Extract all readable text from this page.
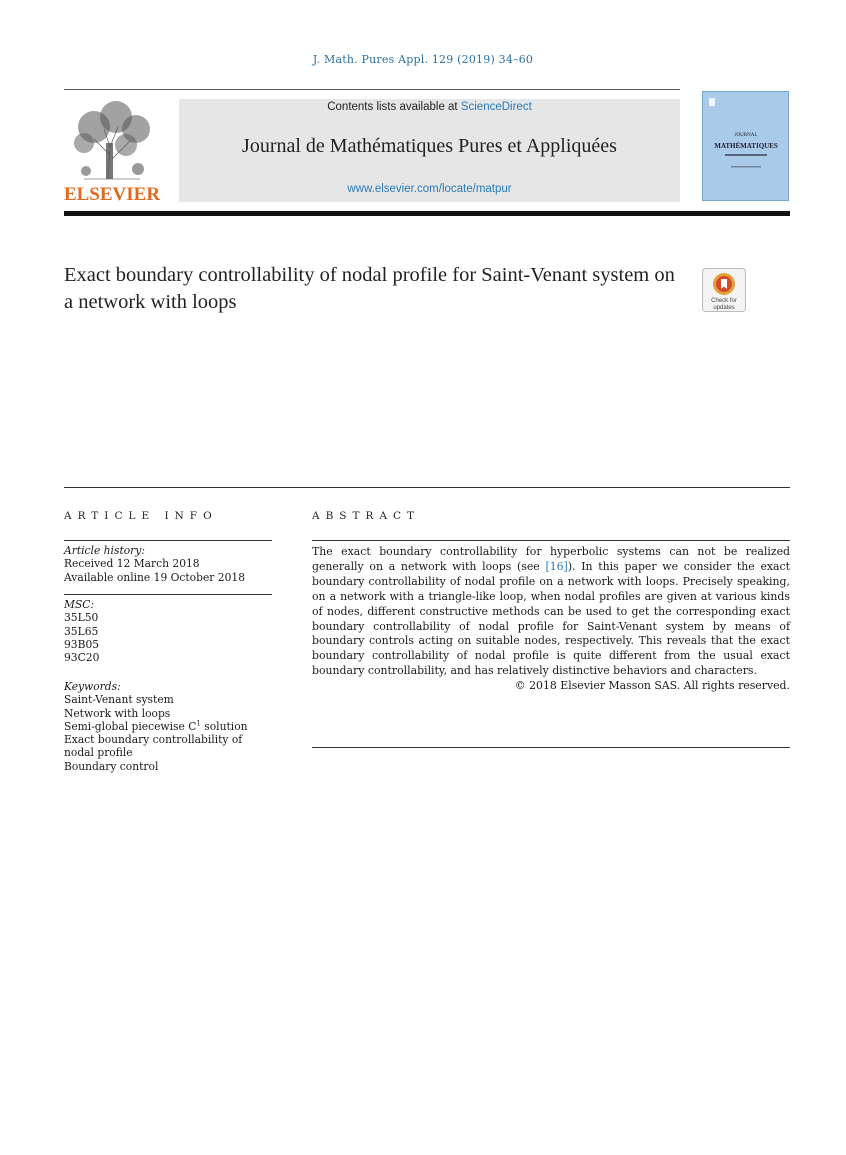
J. Math. Pures Appl. 129 (2019) 34–60
ELSEVIER
Contents lists available at ScienceDirect
Journal de Mathématiques Pures et Appliquées
www.elsevier.com/locate/matpur
JOURNAL
MATHÉMATIQUES
Exact boundary controllability of nodal profile for Saint-Venant system on a network with loops	Check for
updates
ARTICLE INFO	ABSTRACT
Article history:
Received 12 March 2018
Available online 19 October 2018
MSC:
35L50
35L65
93B05
93C20
Keywords:
Saint-Venant system
Network with loops
Semi-global piecewise $C^1$ solution
Exact boundary controllability of
nodal profile
Boundary control
The exact boundary controllability for hyperbolic systems can not be realized generally on a network with loops (see [16]). In this paper we consider the exact boundary controllability of nodal profile on a network with loops. Precisely speaking, on a network with a triangle-like loop, when nodal profiles are given at various kinds of nodes, different constructive methods can be used to get the corresponding exact boundary controllability of nodal profile for Saint-Venant system by means of boundary controls acting on suitable nodes, respectively. This reveals that the exact boundary controllability of nodal profile is quite different from the usual exact boundary controllability, and has relatively distinctive behaviors and characters.
© 2018 Elsevier Masson SAS. All rights reserved.
